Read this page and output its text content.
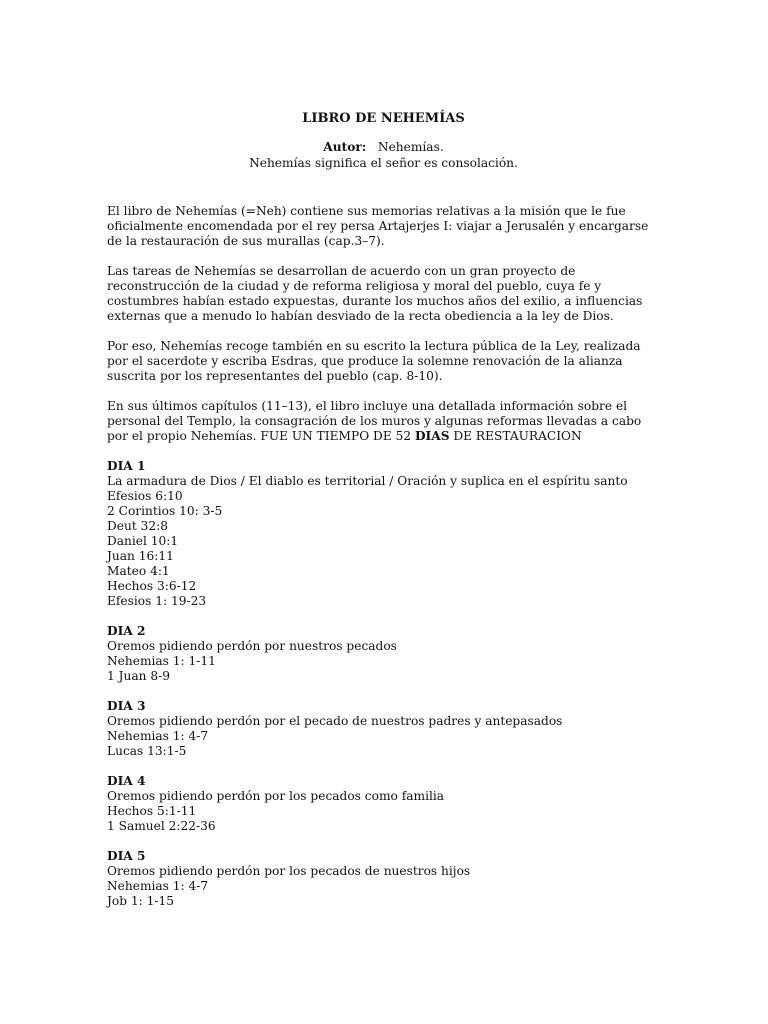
LIBRO DE NEHEMÍAS
Autor: Nehemías.
Nehemías significa el señor es consolación.

El libro de Nehemías (=Neh) contiene sus memorias relativas a la misión que le fue oficialmente encomendada por el rey persa Artajerjes I: viajar a Jerusalén y encargarse de la restauración de sus murallas (cap.3–7).

Las tareas de Nehemías se desarrollan de acuerdo con un gran proyecto de reconstrucción de la ciudad y de reforma religiosa y moral del pueblo, cuya fe y costumbres habían estado expuestas, durante los muchos años del exilio, a influencias externas que a menudo lo habían desviado de la recta obediencia a la ley de Dios.

Por eso, Nehemías recoge también en su escrito la lectura pública de la Ley, realizada por el sacerdote y escriba Esdras, que produce la solemne renovación de la alianza suscrita por los representantes del pueblo (cap. 8-10).

En sus últimos capítulos (11–13), el libro incluye una detallada información sobre el personal del Templo, la consagración de los muros y algunas reformas llevadas a cabo por el propio Nehemías. FUE UN TIEMPO DE 52 DIAS DE RESTAURACION

DIA 1
La armadura de Dios / El diablo es territorial / Oración y suplica en el espíritu santo
Efesios 6:10
2 Corintios 10: 3-5
Deut 32:8
Daniel 10:1
Juan 16:11
Mateo 4:1
Hechos 3:6-12
Efesios 1: 19-23
DIA 2
Oremos pidiendo perdón por nuestros pecados
Nehemias 1: 1-11
1 Juan 8-9
DIA 3
Oremos pidiendo perdón por el pecado de nuestros padres y antepasados
Nehemias 1: 4-7
Lucas 13:1-5
DIA 4
Oremos pidiendo perdón por los pecados como familia
Hechos 5:1-11
1 Samuel 2:22-36
DIA 5
Oremos pidiendo perdón por los pecados de nuestros hijos
Nehemias 1: 4-7
Job 1: 1-15
